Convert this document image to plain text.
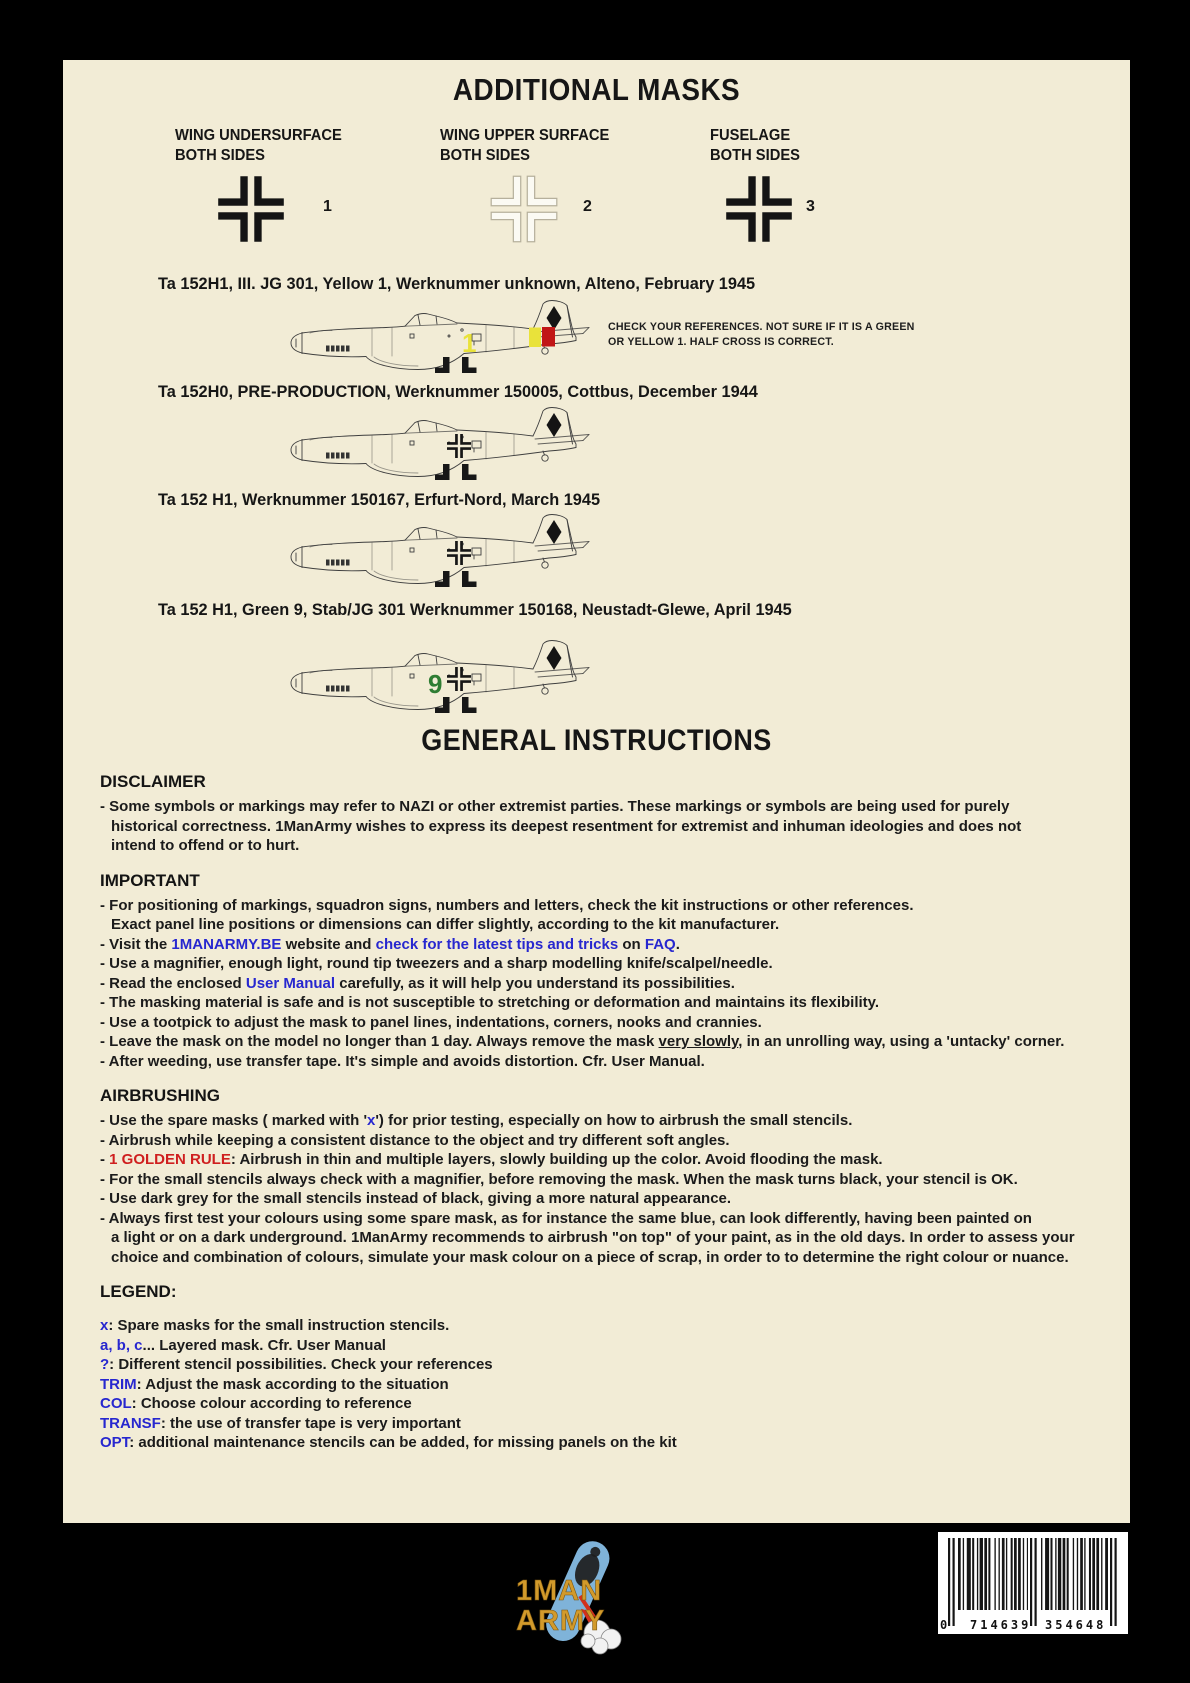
ADDITIONAL MASKS
WING UNDERSURFACE
BOTH SIDES
WING UPPER SURFACE
BOTH SIDES
FUSELAGE
BOTH SIDES
1	2	3
Ta 152H1, III. JG 301, Yellow 1, Werknummer unknown, Alteno, February 1945
1
CHECK YOUR REFERENCES. NOT SURE IF IT IS A GREEN
OR YELLOW 1. HALF CROSS IS CORRECT.
Ta 152H0, PRE-PRODUCTION, Werknummer 150005, Cottbus, December 1944
Ta 152 H1, Werknummer 150167, Erfurt-Nord, March 1945
Ta 152 H1, Green 9, Stab/JG 301 Werknummer 150168, Neustadt-Glewe, April 1945
9
GENERAL INSTRUCTIONS
DISCLAIMER
- Some symbols or markings may refer to NAZI or other extremist parties. These markings or symbols are being used for purely
historical correctness. 1ManArmy wishes to express its deepest resentment for extremist and inhuman ideologies and does not
intend to offend or to hurt.
IMPORTANT
- For positioning of markings, squadron signs, numbers and letters, check the kit instructions or other references.
Exact panel line positions or dimensions can differ slightly, according to the kit manufacturer.
- Visit the 1MANARMY.BE website and check for the latest tips and tricks on FAQ.
- Use a magnifier, enough light, round tip tweezers and a sharp modelling knife/scalpel/needle.
- Read the enclosed User Manual carefully, as it will help you understand its possibilities.
- The masking material is safe and is not susceptible to stretching or deformation and maintains its flexibility.
- Use a tootpick to adjust the mask to panel lines, indentations, corners, nooks and crannies.
- Leave the mask on the model no longer than 1 day. Always remove the mask very slowly, in an unrolling way, using a 'untacky' corner.
- After weeding, use transfer tape. It's simple and avoids distortion. Cfr. User Manual.
AIRBRUSHING
- Use the spare masks ( marked with 'x') for prior testing, especially on how to airbrush the small stencils.
- Airbrush while keeping a consistent distance to the object and try different soft angles.
- 1 GOLDEN RULE: Airbrush in thin and multiple layers, slowly building up the color. Avoid flooding the mask.
- For the small stencils always check with a magnifier, before removing the mask. When the mask turns black, your stencil is OK.
- Use dark grey for the small stencils instead of black, giving a more natural appearance.
- Always first test your colours using some spare mask, as for instance the same blue, can look differently, having been painted on
a light or on a dark underground. 1ManArmy recommends to airbrush "on top" of your paint, as in the old days. In order to assess your
choice and combination of colours, simulate your mask colour on a piece of scrap, in order to to determine the right colour or nuance.
LEGEND:
x: Spare masks for the small instruction stencils.
a, b, c... Layered mask. Cfr. User Manual
?: Different stencil possibilities. Check your references
TRIM: Adjust the mask according to the situation
COL: Choose colour according to reference
TRANSF: the use of transfer tape is very important
OPT: additional maintenance stencils can be added, for missing panels on the kit
1MAN
ARMY	0 714639 354648
